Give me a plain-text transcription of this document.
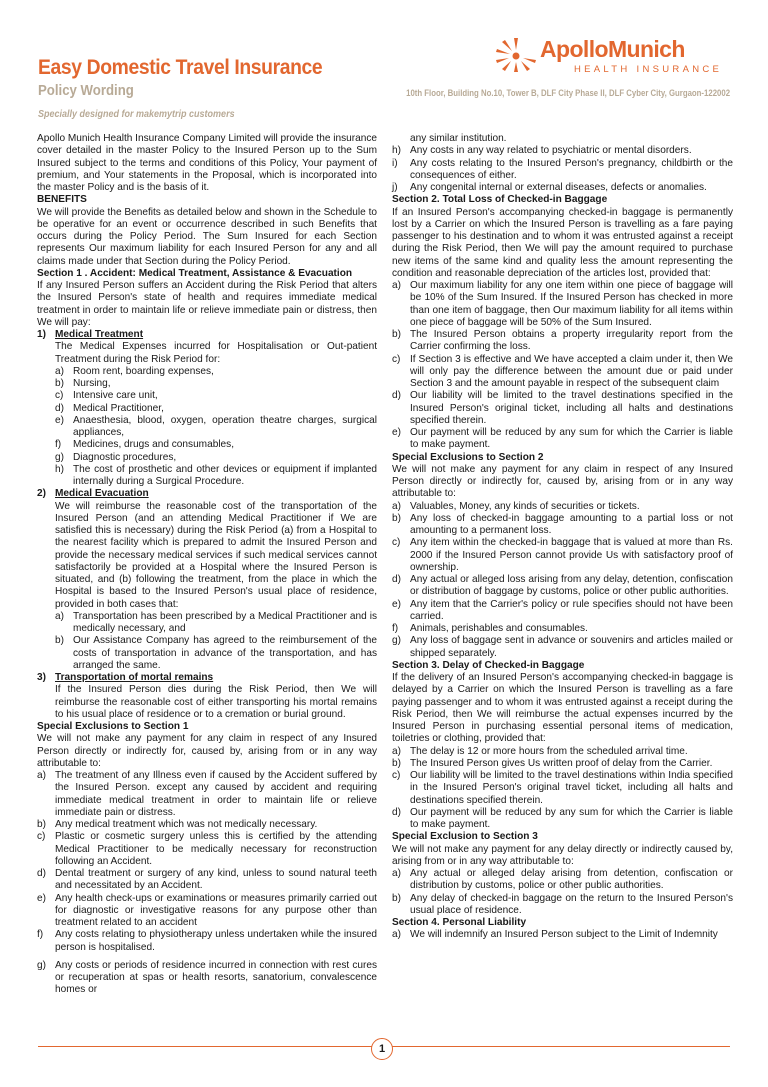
Easy Domestic Travel Insurance
Policy Wording
Specially designed for makemytrip customers
10th Floor, Building No.10, Tower B, DLF City Phase II, DLF Cyber City, Gurgaon-122002
ApolloMunich
HEALTH INSURANCE

Apollo Munich Health Insurance Company Limited will provide the insurance cover detailed in the master Policy to the Insured Person up to the Sum Insured subject to the terms and conditions of this Policy, Your payment of premium, and Your statements in the Proposal, which is incorporated into the master Policy and is the basis of it.

BENEFITS

We will provide the Benefits as detailed below and shown in the Schedule to be operative for an event or occurrence described in such Benefits that occurs during the Policy Period. The Sum Insured for each Section represents Our maximum liability for each Insured Person for any and all claims made under that Section during the Policy Period.

Section 1 . Accident: Medical Treatment, Assistance & Evacuation

If any Insured Person suffers an Accident during the Risk Period that alters the Insured Person's state of health and requires immediate medical treatment in order to maintain life or relieve immediate pain or distress, then We will pay:

1) Medical Treatment

The Medical Expenses incurred for Hospitalisation or Out-patient Treatment during the Risk Period for:

a) Room rent, boarding expenses,
b) Nursing,
c) Intensive care unit,
d) Medical Practitioner,
e) Anaesthesia, blood, oxygen, operation theatre charges, surgical appliances,
f) Medicines, drugs and consumables,
g) Diagnostic procedures,
h) The cost of prosthetic and other devices or equipment if implanted internally during a Surgical Procedure.

2) Medical Evacuation

We will reimburse the reasonable cost of the transportation of the Insured Person (and an attending Medical Practitioner if We are satisfied this is necessary) during the Risk Period (a) from a Hospital to the nearest facility which is prepared to admit the Insured Person and provide the necessary medical services if such medical services cannot satisfactorily be provided at a Hospital where the Insured Person is situated, and (b) following the treatment, from the place in which the Hospital is based to the Insured Person's usual place of residence, provided in both cases that:

a) Transportation has been prescribed by a Medical Practitioner and is medically necessary, and
b) Our Assistance Company has agreed to the reimbursement of the costs of transportation in advance of the transportation, and has arranged the same.

3) Transportation of mortal remains

If the Insured Person dies during the Risk Period, then We will reimburse the reasonable cost of either transporting his mortal remains to his usual place of residence or to a cremation or burial ground.

Special Exclusions to Section 1

We will not make any payment for any claim in respect of any Insured Person directly or indirectly for, caused by, arising from or in any way attributable to:

a) The treatment of any Illness even if caused by the Accident suffered by the Insured Person. except any caused by accident and requiring immediate medical treatment in order to maintain life or relieve immediate pain or distress.
b) Any medical treatment which was not medically necessary.
c) Plastic or cosmetic surgery unless this is certified by the attending Medical Practitioner to be medically necessary for reconstruction following an Accident.
d) Dental treatment or surgery of any kind, unless to sound natural teeth and necessitated by an Accident.
e) Any health check-ups or examinations or measures primarily carried out for diagnostic or investigative reasons for any purpose other than treatment related to an accident
f) Any costs relating to physiotherapy unless undertaken while the insured person is hospitalised.
g) Any costs or periods of residence incurred in connection with rest cures or recuperation at spas or health resorts, sanatorium, convalescence homes or

any similar institution.

h) Any costs in any way related to psychiatric or mental disorders.
i) Any costs relating to the Insured Person's pregnancy, childbirth or the consequences of either.
j) Any congenital internal or external diseases, defects or anomalies.

Section 2. Total Loss of Checked-in Baggage

If an Insured Person's accompanying checked-in baggage is permanently lost by a Carrier on which the Insured Person is travelling as a fare paying passenger to his destination and to whom it was entrusted against a receipt during the Risk Period, then We will pay the amount required to purchase new items of the same kind and quality less the amount representing the condition and reasonable depreciation of the articles lost, provided that:

a) Our maximum liability for any one item within one piece of baggage will be 10% of the Sum Insured. If the Insured Person has checked in more than one item of baggage, then Our maximum liability for all items within one piece of baggage will be 50% of the Sum Insured.
b) The Insured Person obtains a property irregularity report from the Carrier confirming the loss.
c) If Section 3 is effective and We have accepted a claim under it, then We will only pay the difference between the amount due or paid under Section 3 and the amount payable in respect of the subsequent claim
d) Our liability will be limited to the travel destinations specified in the Insured Person's original ticket, including all halts and destinations specified therein.
e) Our payment will be reduced by any sum for which the Carrier is liable to make payment.

Special Exclusions to Section 2

We will not make any payment for any claim in respect of any Insured Person directly or indirectly for, caused by, arising from or in any way attributable to:

a) Valuables, Money, any kinds of securities or tickets.
b) Any loss of checked-in baggage amounting to a partial loss or not amounting to a permanent loss.
c) Any item within the checked-in baggage that is valued at more than Rs. 2000 if the Insured Person cannot provide Us with satisfactory proof of ownership.
d) Any actual or alleged loss arising from any delay, detention, confiscation or distribution of baggage by customs, police or other public authorities.
e) Any item that the Carrier's policy or rule specifies should not have been carried.
f) Animals, perishables and consumables.
g) Any loss of baggage sent in advance or souvenirs and articles mailed or shipped separately.

Section 3. Delay of Checked-in Baggage

If the delivery of an Insured Person's accompanying checked-in baggage is delayed by a Carrier on which the Insured Person is travelling as a fare paying passenger and to whom it was entrusted against a receipt during the Risk Period, then We will reimburse the actual expenses incurred by the Insured Person in purchasing essential personal items of medication, toiletries or clothing, provided that:

a) The delay is 12 or more hours from the scheduled arrival time.
b) The Insured Person gives Us written proof of delay from the Carrier.
c) Our liability will be limited to the travel destinations within India specified in the Insured Person's original travel ticket, including all halts and destinations specified therein.
d) Our payment will be reduced by any sum for which the Carrier is liable to make payment.

Special Exclusion to Section 3

We will not make any payment for any delay directly or indirectly caused by, arising from or in any way attributable to:

a) Any actual or alleged delay arising from detention, confiscation or distribution by customs, police or other public authorities.
b) Any delay of checked-in baggage on the return to the Insured Person's usual place of residence.

Section 4. Personal Liability

a) We will indemnify an Insured Person subject to the Limit of Indemnity
1
